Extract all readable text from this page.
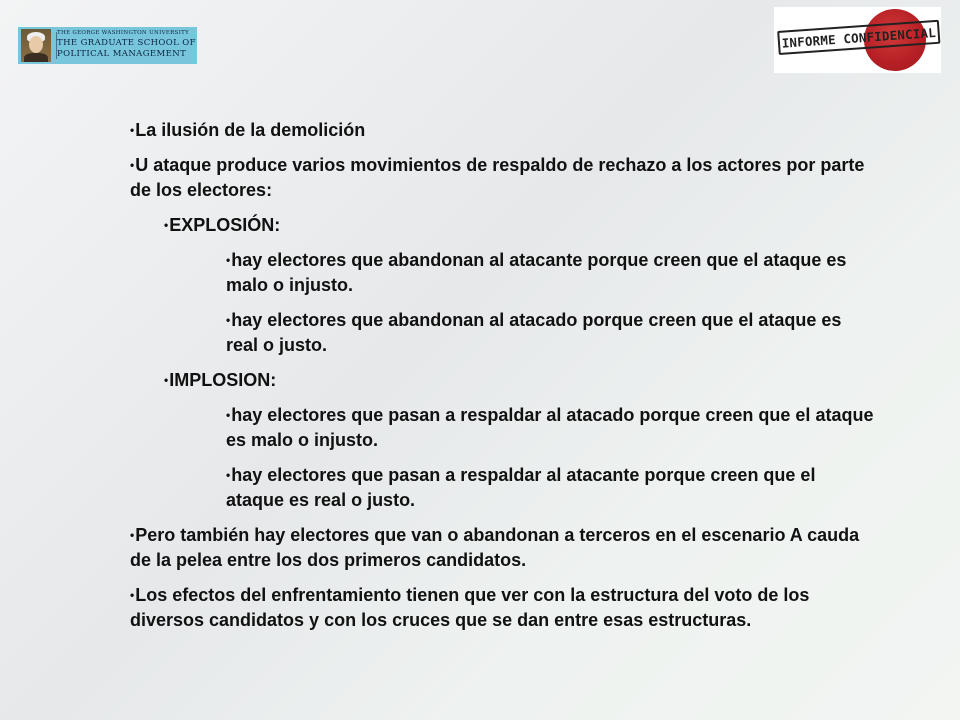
THE GEORGE WASHINGTON UNIVERSITY
THE GRADUATE SCHOOL OF
POLITICAL MANAGEMENT
INFORME CONFIDENCIAL
•La ilusión de la demolición
•U ataque produce varios movimientos de respaldo de rechazo a los actores por parte de los electores:
•EXPLOSIÓN:
•hay electores que abandonan al atacante porque creen que el ataque es malo o injusto.
•hay electores que abandonan al atacado porque creen que el ataque es real o justo.
•IMPLOSION:
•hay electores que pasan a respaldar al atacado porque creen que el ataque es malo o injusto.
•hay electores que pasan a respaldar al atacante porque creen que el ataque es real o justo.
•Pero también hay electores que van o abandonan a terceros en el escenario A cauda de la pelea entre los dos primeros candidatos.
•Los efectos del enfrentamiento tienen que ver con la estructura del voto de los diversos candidatos y con los cruces que se dan entre esas estructuras.
